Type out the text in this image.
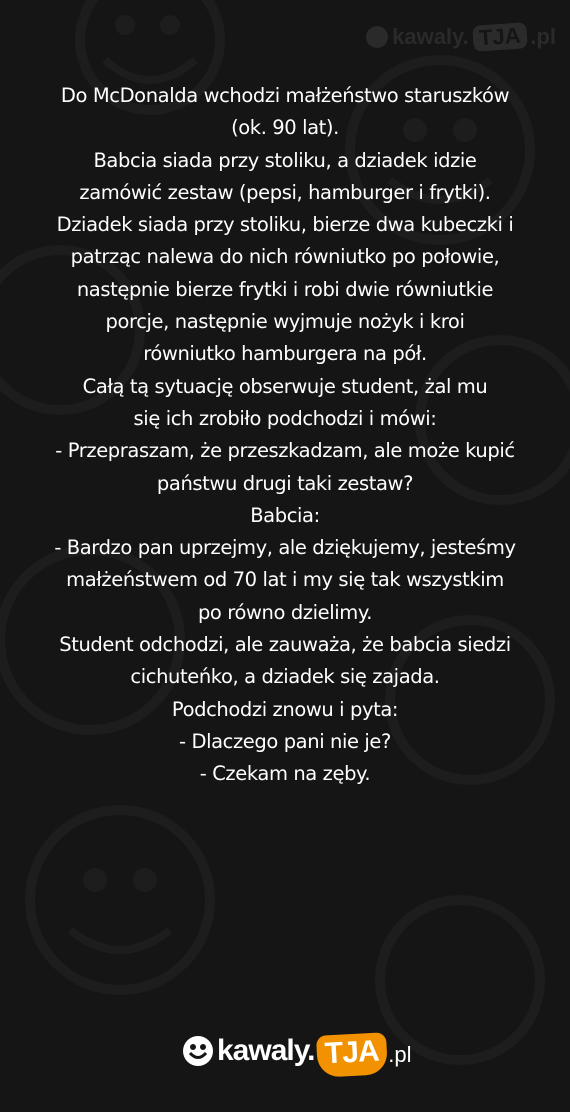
kawaly. TJA .pl
Do McDonalda wchodzi małżeństwo staruszków
(ok. 90 lat).
Babcia siada przy stoliku, a dziadek idzie
zamówić zestaw (pepsi, hamburger i frytki).
Dziadek siada przy stoliku, bierze dwa kubeczki i
patrząc nalewa do nich równiutko po połowie,
następnie bierze frytki i robi dwie równiutkie
porcje, następnie wyjmuje nożyk i kroi
równiutko hamburgera na pół.
Całą tą sytuację obserwuje student, żal mu
się ich zrobiło podchodzi i mówi:
- Przepraszam, że przeszkadzam, ale może kupić
państwu drugi taki zestaw?
Babcia:
- Bardzo pan uprzejmy, ale dziękujemy, jesteśmy
małżeństwem od 70 lat i my się tak wszystkim
po równo dzielimy.
Student odchodzi, ale zauważa, że babcia siedzi
cichuteńko, a dziadek się zajada.
Podchodzi znowu i pyta:
- Dlaczego pani nie je?
- Czekam na zęby.
kawaly. TJA .pl
